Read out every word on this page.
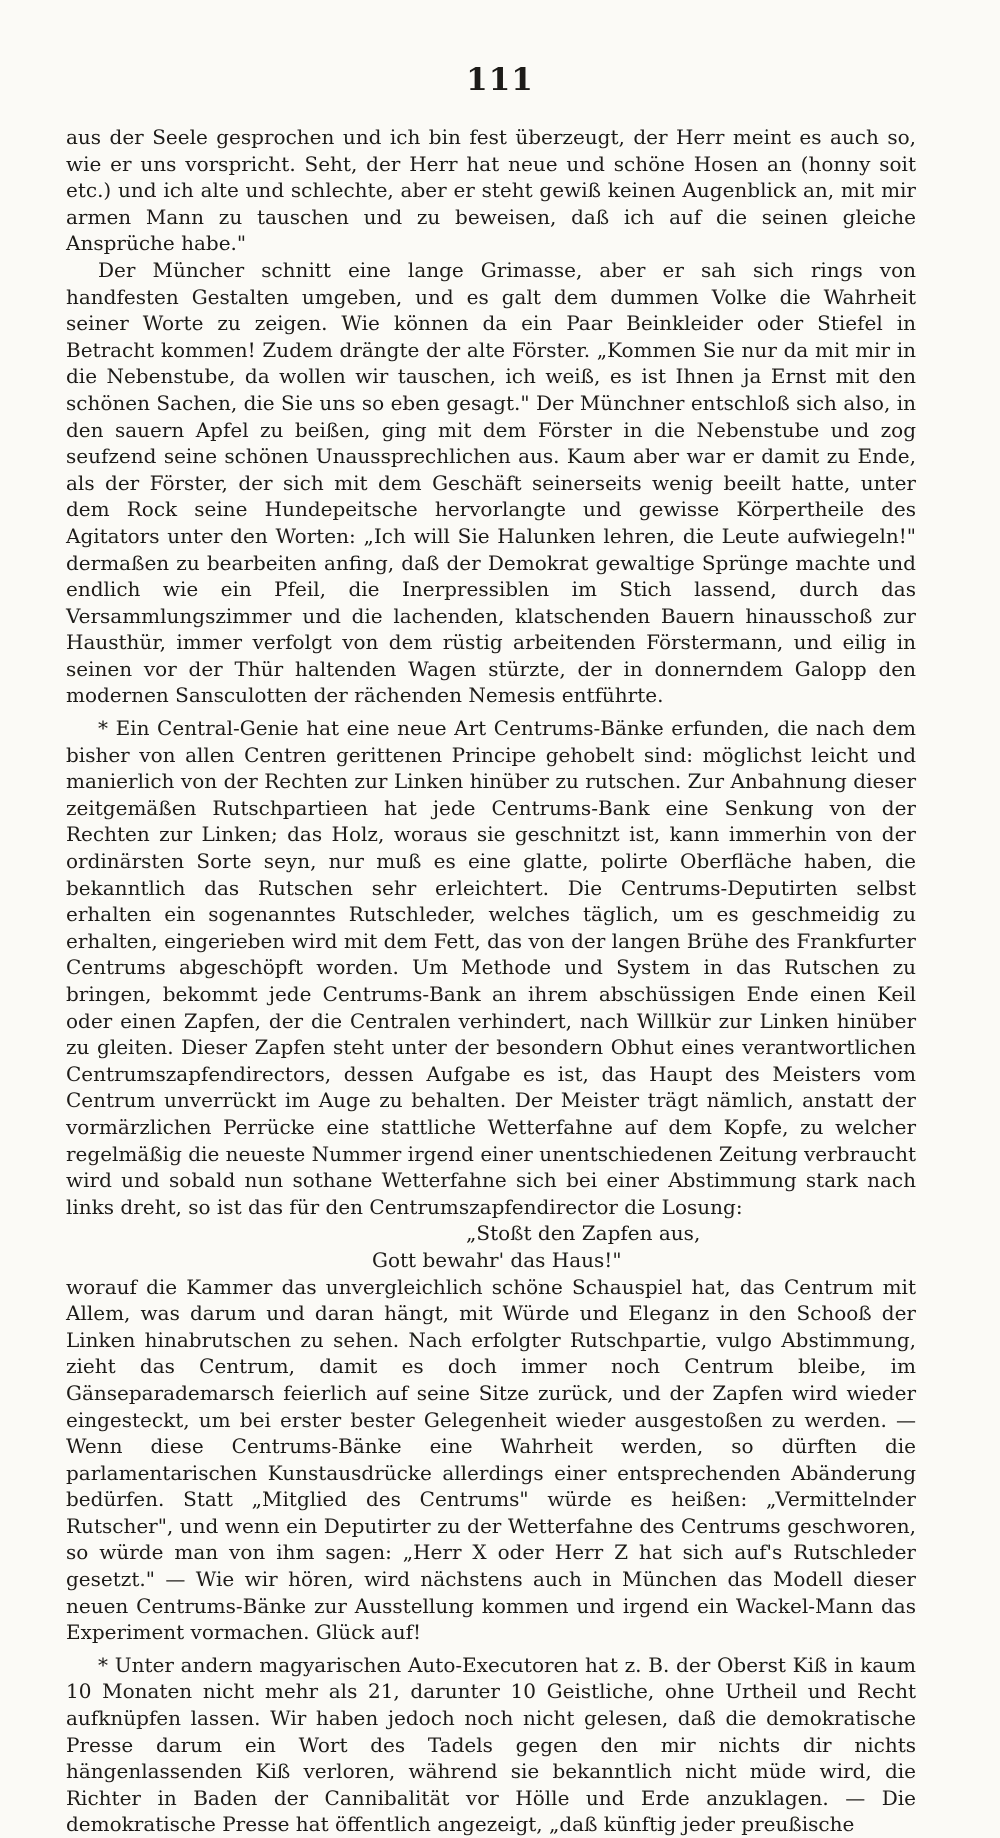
111

aus der Seele gesprochen und ich bin fest überzeugt, der Herr meint es auch so, wie er uns vorspricht. Seht, der Herr hat neue und schöne Hosen an (honny soit etc.) und ich alte und schlechte, aber er steht gewiß keinen Augenblick an, mit mir armen Mann zu tauschen und zu beweisen, daß ich auf die seinen gleiche Ansprüche habe."

Der Müncher schnitt eine lange Grimasse, aber er sah sich rings von handfesten Gestalten umgeben, und es galt dem dummen Volke die Wahrheit seiner Worte zu zeigen. Wie können da ein Paar Beinkleider oder Stiefel in Betracht kommen! Zudem drängte der alte Förster. „Kommen Sie nur da mit mir in die Nebenstube, da wollen wir tauschen, ich weiß, es ist Ihnen ja Ernst mit den schönen Sachen, die Sie uns so eben gesagt." Der Münchner entschloß sich also, in den sauern Apfel zu beißen, ging mit dem Förster in die Nebenstube und zog seufzend seine schönen Unaussprechlichen aus. Kaum aber war er damit zu Ende, als der Förster, der sich mit dem Geschäft seinerseits wenig beeilt hatte, unter dem Rock seine Hundepeitsche hervorlangte und gewisse Körpertheile des Agitators unter den Worten: „Ich will Sie Halunken lehren, die Leute aufwiegeln!" dermaßen zu bearbeiten anfing, daß der Demokrat gewaltige Sprünge machte und endlich wie ein Pfeil, die Inerpressiblen im Stich lassend, durch das Versammlungszimmer und die lachenden, klatschenden Bauern hinausschoß zur Hausthür, immer verfolgt von dem rüstig arbeitenden Förstermann, und eilig in seinen vor der Thür haltenden Wagen stürzte, der in donnerndem Galopp den modernen Sansculotten der rächenden Nemesis entführte.

* Ein Central-Genie hat eine neue Art Centrums-Bänke erfunden, die nach dem bisher von allen Centren gerittenen Principe gehobelt sind: möglichst leicht und manierlich von der Rechten zur Linken hinüber zu rutschen. Zur Anbahnung dieser zeitgemäßen Rutschpartieen hat jede Centrums-Bank eine Senkung von der Rechten zur Linken; das Holz, woraus sie geschnitzt ist, kann immerhin von der ordinärsten Sorte seyn, nur muß es eine glatte, polirte Oberfläche haben, die bekanntlich das Rutschen sehr erleichtert. Die Centrums-Deputirten selbst erhalten ein sogenanntes Rutschleder, welches täglich, um es geschmeidig zu erhalten, eingerieben wird mit dem Fett, das von der langen Brühe des Frankfurter Centrums abgeschöpft worden. Um Methode und System in das Rutschen zu bringen, bekommt jede Centrums-Bank an ihrem abschüssigen Ende einen Keil oder einen Zapfen, der die Centralen verhindert, nach Willkür zur Linken hinüber zu gleiten. Dieser Zapfen steht unter der besondern Obhut eines verantwortlichen Centrumszapfendirectors, dessen Aufgabe es ist, das Haupt des Meisters vom Centrum unverrückt im Auge zu behalten. Der Meister trägt nämlich, anstatt der vormärzlichen Perrücke eine stattliche Wetterfahne auf dem Kopfe, zu welcher regelmäßig die neueste Nummer irgend einer unentschiedenen Zeitung verbraucht wird und sobald nun sothane Wetterfahne sich bei einer Abstimmung stark nach links dreht, so ist das für den Centrumszapfendirector die Losung:

„Stoßt den Zapfen aus,
Gott bewahr' das Haus!"

worauf die Kammer das unvergleichlich schöne Schauspiel hat, das Centrum mit Allem, was darum und daran hängt, mit Würde und Eleganz in den Schooß der Linken hinabrutschen zu sehen. Nach erfolgter Rutschpartie, vulgo Abstimmung, zieht das Centrum, damit es doch immer noch Centrum bleibe, im Gänseparademarsch feierlich auf seine Sitze zurück, und der Zapfen wird wieder eingesteckt, um bei erster bester Gelegenheit wieder ausgestoßen zu werden. — Wenn diese Centrums-Bänke eine Wahrheit werden, so dürften die parlamentarischen Kunstausdrücke allerdings einer entsprechenden Abänderung bedürfen. Statt „Mitglied des Centrums" würde es heißen: „Vermittelnder Rutscher", und wenn ein Deputirter zu der Wetterfahne des Centrums geschworen, so würde man von ihm sagen: „Herr X oder Herr Z hat sich auf's Rutschleder gesetzt." — Wie wir hören, wird nächstens auch in München das Modell dieser neuen Centrums-Bänke zur Ausstellung kommen und irgend ein Wackel-Mann das Experiment vormachen. Glück auf!

* Unter andern magyarischen Auto-Executoren hat z. B. der Oberst Kiß in kaum 10 Monaten nicht mehr als 21, darunter 10 Geistliche, ohne Urtheil und Recht aufknüpfen lassen. Wir haben jedoch noch nicht gelesen, daß die demokratische Presse darum ein Wort des Tadels gegen den mir nichts dir nichts hängenlassenden Kiß verloren, während sie bekanntlich nicht müde wird, die Richter in Baden der Cannibalität vor Hölle und Erde anzuklagen. — Die demokratische Presse hat öffentlich angezeigt, „daß künftig jeder preußische
